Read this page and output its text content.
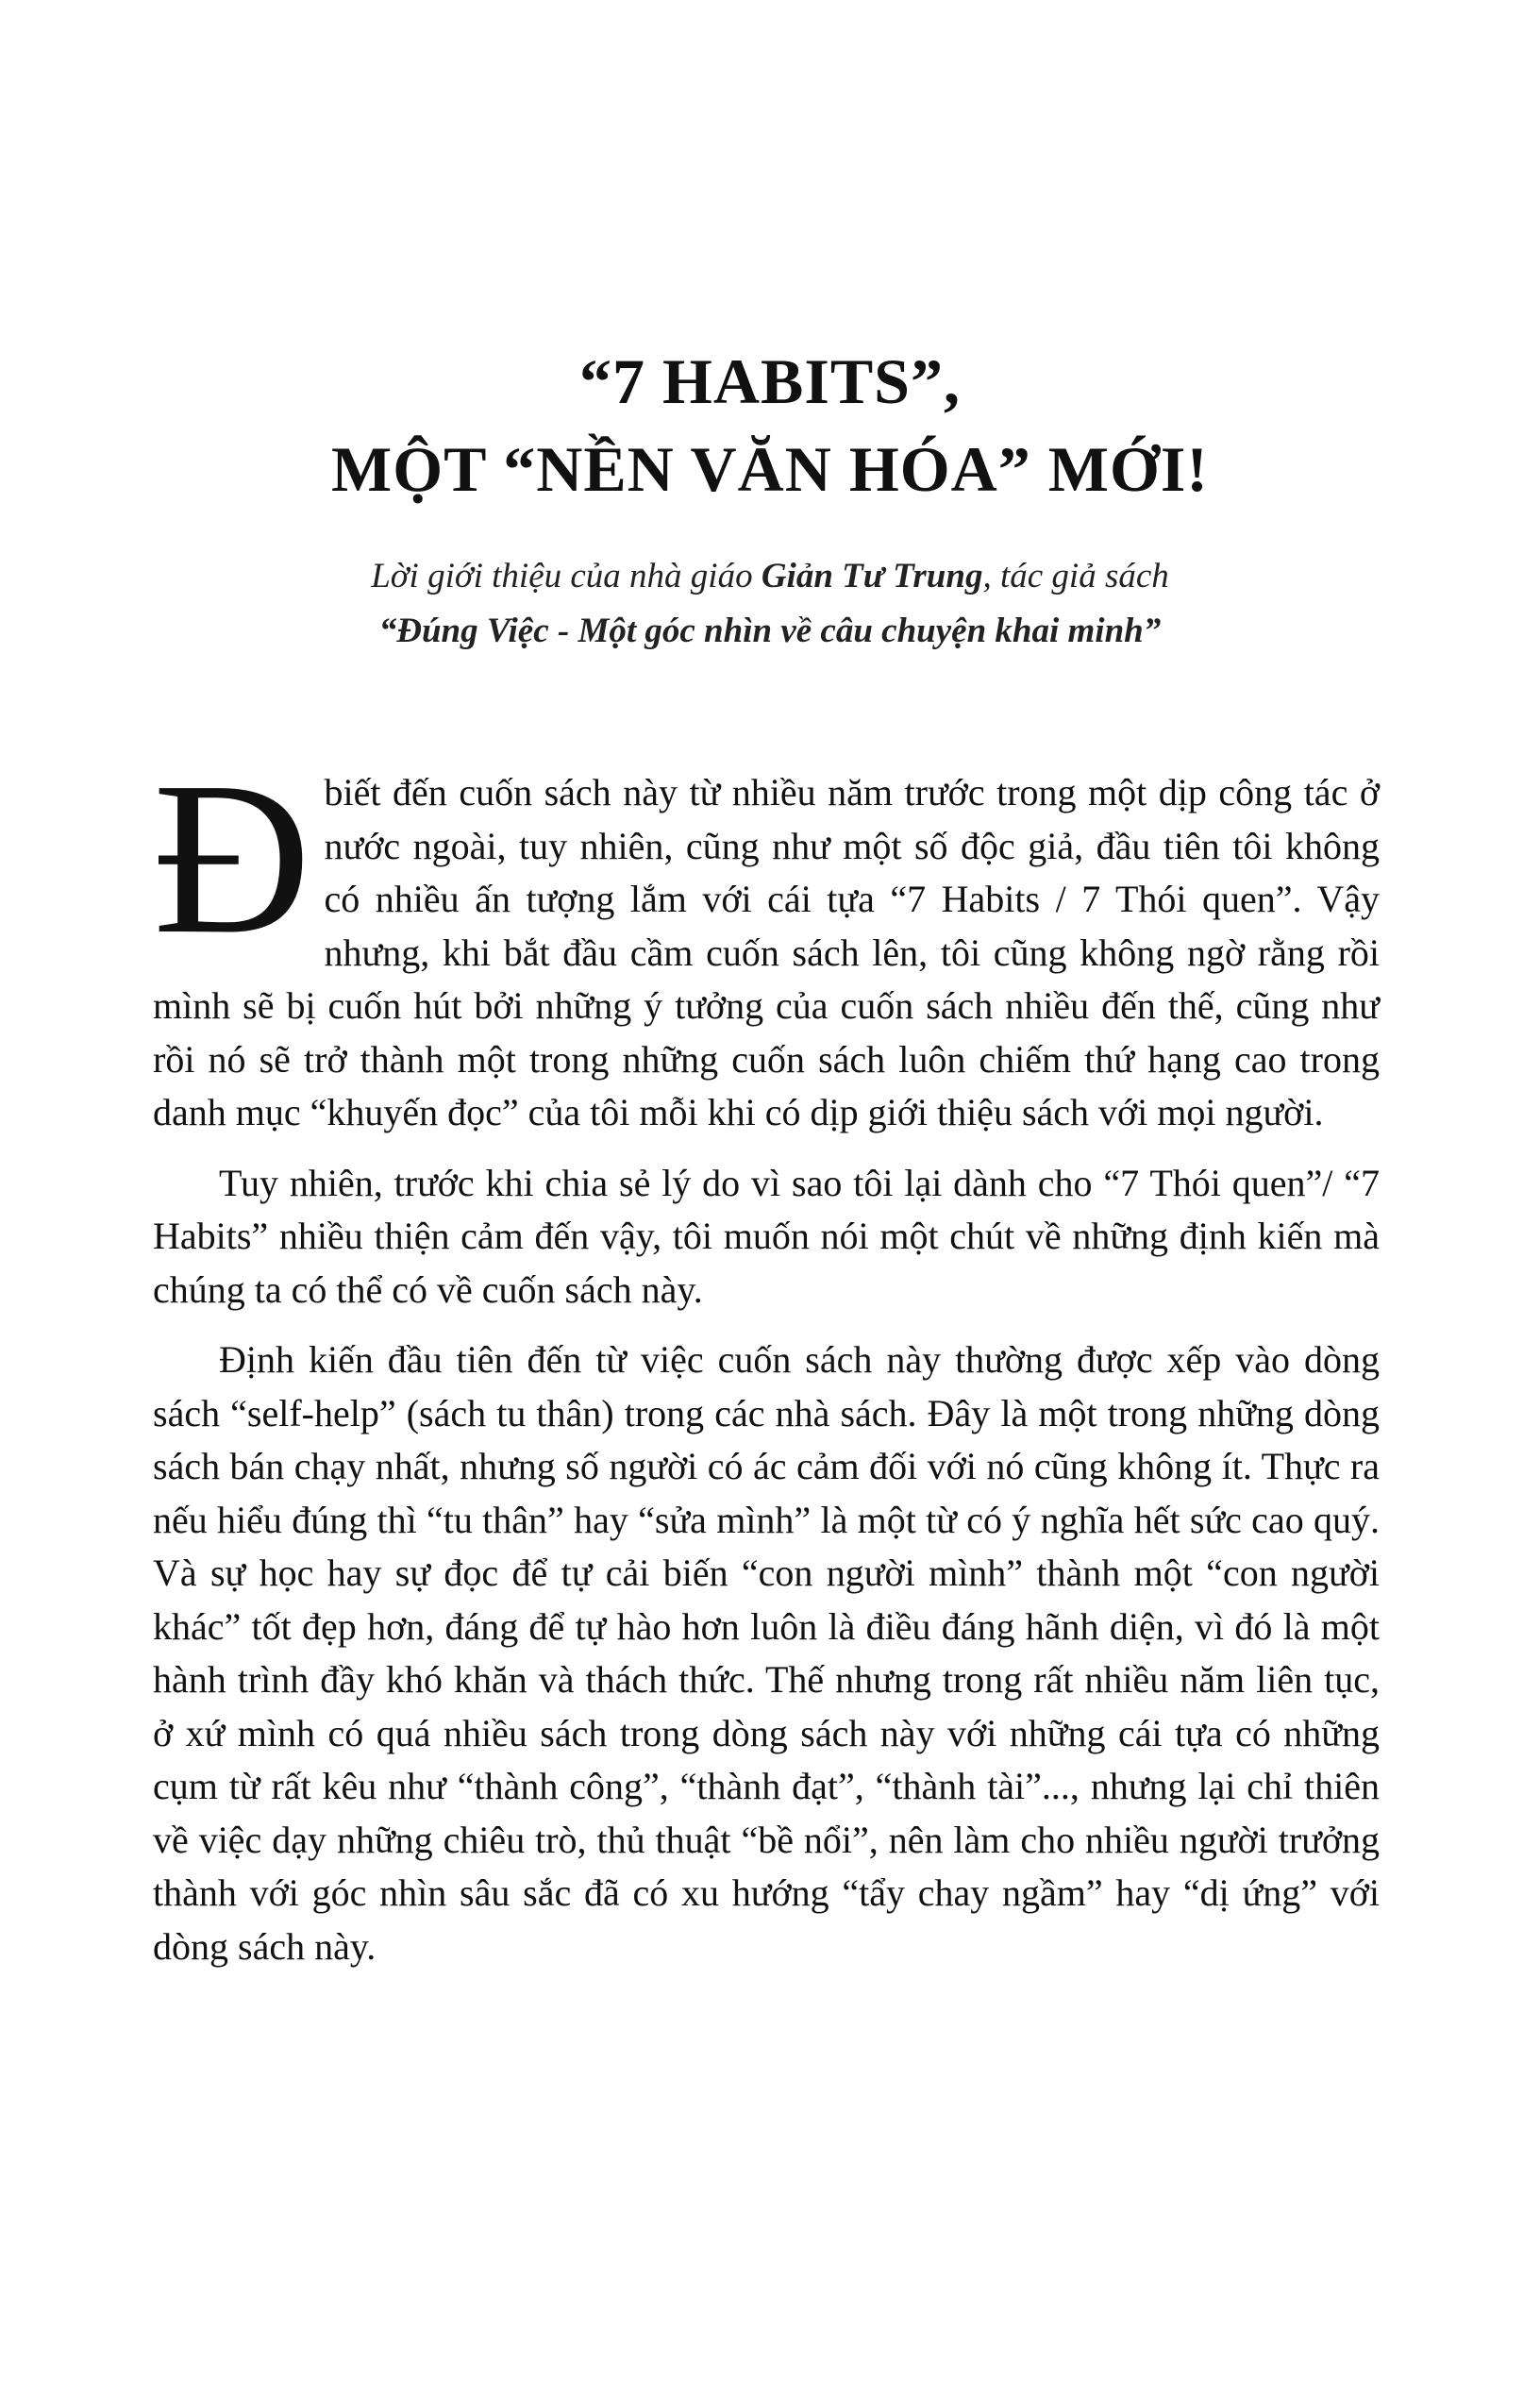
“7 HABITS”,
MỘT “NỀN VĂN HÓA” MỚI!
Lời giới thiệu của nhà giáo Giản Tư Trung, tác giả sách
“Đúng Việc - Một góc nhìn về câu chuyện khai minh”

Đbiết đến cuốn sách này từ nhiều năm trước trong một dịp công tác ở nước ngoài, tuy nhiên, cũng như một số độc giả, đầu tiên tôi không có nhiều ấn tượng lắm với cái tựa “7 Habits / 7 Thói quen”. Vậy nhưng, khi bắt đầu cầm cuốn sách lên, tôi cũng không ngờ rằng rồi mình sẽ bị cuốn hút bởi những ý tưởng của cuốn sách nhiều đến thế, cũng như rồi nó sẽ trở thành một trong những cuốn sách luôn chiếm thứ hạng cao trong danh mục “khuyến đọc” của tôi mỗi khi có dịp giới thiệu sách với mọi người.

Tuy nhiên, trước khi chia sẻ lý do vì sao tôi lại dành cho “7 Thói quen”/ “7 Habits” nhiều thiện cảm đến vậy, tôi muốn nói một chút về những định kiến mà chúng ta có thể có về cuốn sách này.

Định kiến đầu tiên đến từ việc cuốn sách này thường được xếp vào dòng sách “self-help” (sách tu thân) trong các nhà sách. Đây là một trong những dòng sách bán chạy nhất, nhưng số người có ác cảm đối với nó cũng không ít. Thực ra nếu hiểu đúng thì “tu thân” hay “sửa mình” là một từ có ý nghĩa hết sức cao quý. Và sự học hay sự đọc để tự cải biến “con người mình” thành một “con người khác” tốt đẹp hơn, đáng để tự hào hơn luôn là điều đáng hãnh diện, vì đó là một hành trình đầy khó khăn và thách thức. Thế nhưng trong rất nhiều năm liên tục, ở xứ mình có quá nhiều sách trong dòng sách này với những cái tựa có những cụm từ rất kêu như “thành công”, “thành đạt”, “thành tài”..., nhưng lại chỉ thiên về việc dạy những chiêu trò, thủ thuật “bề nổi”, nên làm cho nhiều người trưởng thành với góc nhìn sâu sắc đã có xu hướng “tẩy chay ngầm” hay “dị ứng” với dòng sách này.
